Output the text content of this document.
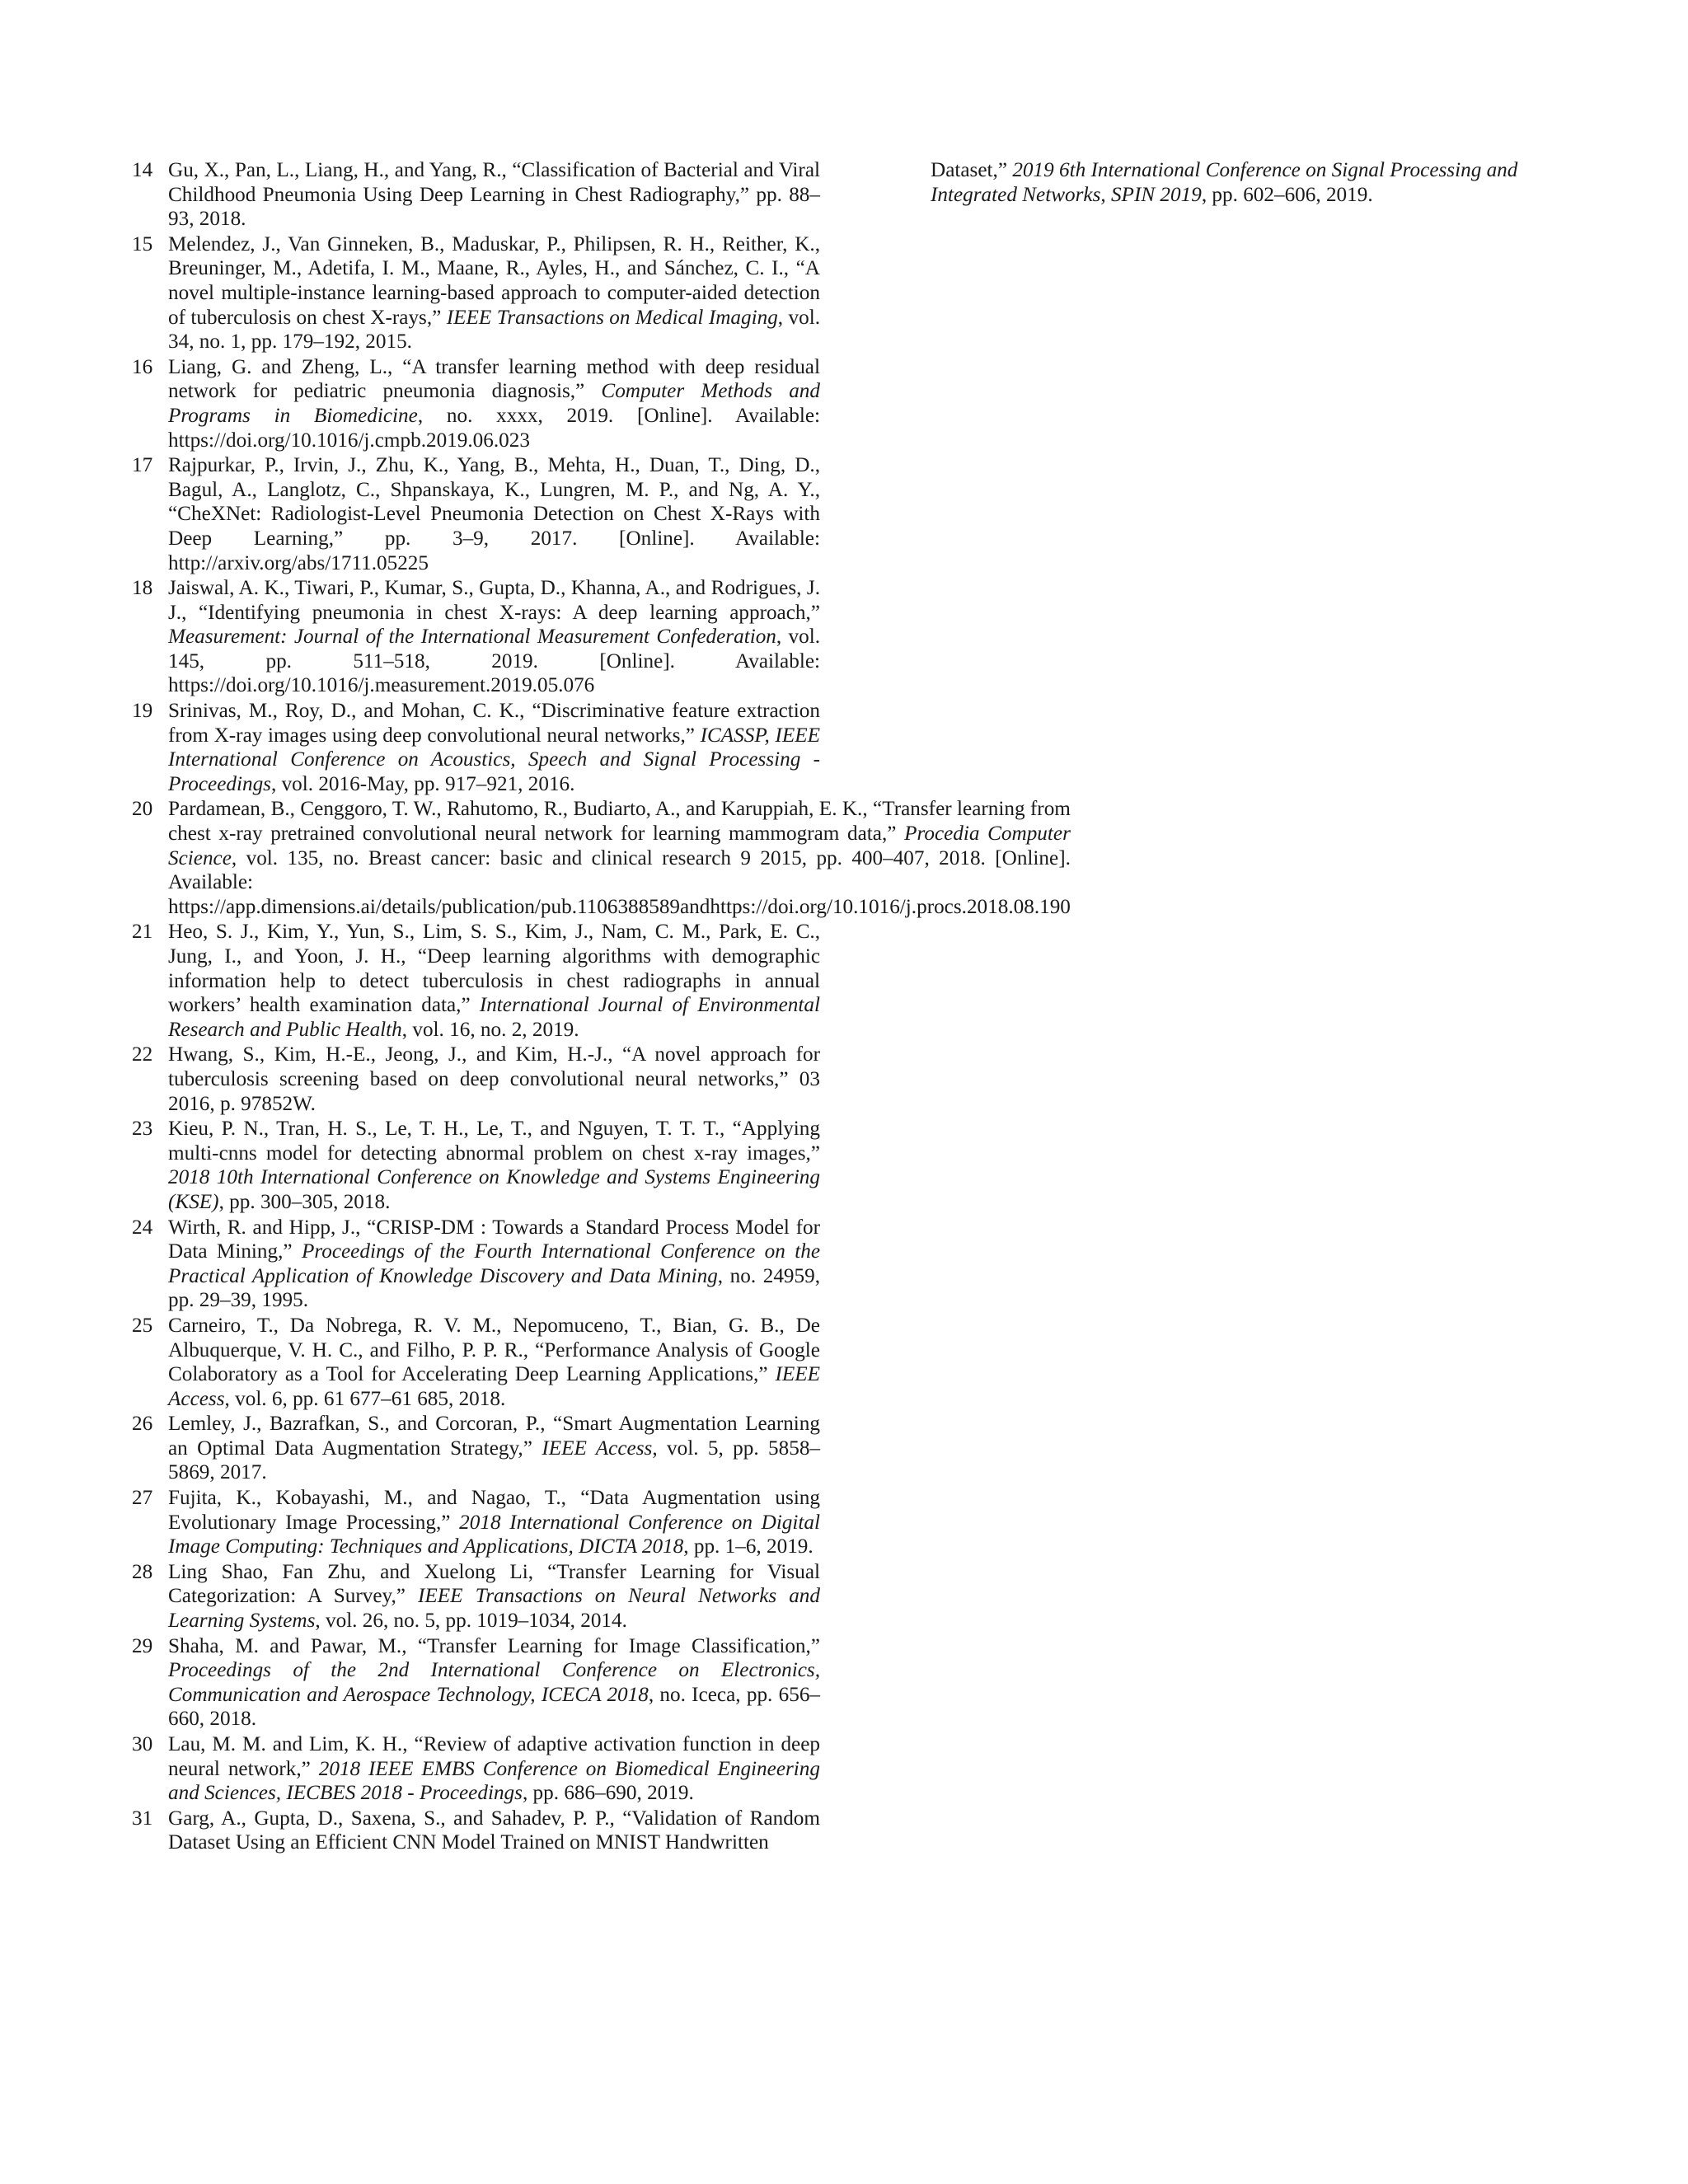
14 Gu, X., Pan, L., Liang, H., and Yang, R., “Classification of Bacterial and Viral Childhood Pneumonia Using Deep Learning in Chest Radiography,” pp. 88–93, 2018.
15 Melendez, J., Van Ginneken, B., Maduskar, P., Philipsen, R. H., Reither, K., Breuninger, M., Adetifa, I. M., Maane, R., Ayles, H., and Sánchez, C. I., “A novel multiple-instance learning-based approach to computer-aided detection of tuberculosis on chest X-rays,” IEEE Transactions on Medical Imaging, vol. 34, no. 1, pp. 179–192, 2015.
16 Liang, G. and Zheng, L., “A transfer learning method with deep residual network for pediatric pneumonia diagnosis,” Computer Methods and Programs in Biomedicine, no. xxxx, 2019. [Online]. Available: https://doi.org/10.1016/j.cmpb.2019.06.023
17 Rajpurkar, P., Irvin, J., Zhu, K., Yang, B., Mehta, H., Duan, T., Ding, D., Bagul, A., Langlotz, C., Shpanskaya, K., Lungren, M. P., and Ng, A. Y., “CheXNet: Radiologist-Level Pneumonia Detection on Chest X-Rays with Deep Learning,” pp. 3–9, 2017. [Online]. Available: http://arxiv.org/abs/1711.05225
18 Jaiswal, A. K., Tiwari, P., Kumar, S., Gupta, D., Khanna, A., and Rodrigues, J. J., “Identifying pneumonia in chest X-rays: A deep learning approach,” Measurement: Journal of the International Measurement Confederation, vol. 145, pp. 511–518, 2019. [Online]. Available: https://doi.org/10.1016/j.measurement.2019.05.076
19 Srinivas, M., Roy, D., and Mohan, C. K., “Discriminative feature extraction from X-ray images using deep convolutional neural networks,” ICASSP, IEEE International Conference on Acoustics, Speech and Signal Processing - Proceedings, vol. 2016-May, pp. 917–921, 2016.
20 Pardamean, B., Cenggoro, T. W., Rahutomo, R., Budiarto, A., and Karuppiah, E. K., “Transfer learning from chest x-ray pretrained convolutional neural network for learning mammogram data,” Procedia Computer Science, vol. 135, no. Breast cancer: basic and clinical research 9 2015, pp. 400–407, 2018. [Online]. Available: https://app.dimensions.ai/details/publication/pub.1106388589andhttps://doi.org/10.1016/j.procs.2018.08.190
21 Heo, S. J., Kim, Y., Yun, S., Lim, S. S., Kim, J., Nam, C. M., Park, E. C., Jung, I., and Yoon, J. H., “Deep learning algorithms with demographic information help to detect tuberculosis in chest radiographs in annual workers’ health examination data,” International Journal of Environmental Research and Public Health, vol. 16, no. 2, 2019.
22 Hwang, S., Kim, H.-E., Jeong, J., and Kim, H.-J., “A novel approach for tuberculosis screening based on deep convolutional neural networks,” 03 2016, p. 97852W.
23 Kieu, P. N., Tran, H. S., Le, T. H., Le, T., and Nguyen, T. T. T., “Applying multi-cnns model for detecting abnormal problem on chest x-ray images,” 2018 10th International Conference on Knowledge and Systems Engineering (KSE), pp. 300–305, 2018.
24 Wirth, R. and Hipp, J., “CRISP-DM : Towards a Standard Process Model for Data Mining,” Proceedings of the Fourth International Conference on the Practical Application of Knowledge Discovery and Data Mining, no. 24959, pp. 29–39, 1995.
25 Carneiro, T., Da Nobrega, R. V. M., Nepomuceno, T., Bian, G. B., De Albuquerque, V. H. C., and Filho, P. P. R., “Performance Analysis of Google Colaboratory as a Tool for Accelerating Deep Learning Applications,” IEEE Access, vol. 6, pp. 61 677–61 685, 2018.
26 Lemley, J., Bazrafkan, S., and Corcoran, P., “Smart Augmentation Learning an Optimal Data Augmentation Strategy,” IEEE Access, vol. 5, pp. 5858–5869, 2017.
27 Fujita, K., Kobayashi, M., and Nagao, T., “Data Augmentation using Evolutionary Image Processing,” 2018 International Conference on Digital Image Computing: Techniques and Applications, DICTA 2018, pp. 1–6, 2019.
28 Ling Shao, Fan Zhu, and Xuelong Li, “Transfer Learning for Visual Categorization: A Survey,” IEEE Transactions on Neural Networks and Learning Systems, vol. 26, no. 5, pp. 1019–1034, 2014.
29 Shaha, M. and Pawar, M., “Transfer Learning for Image Classification,” Proceedings of the 2nd International Conference on Electronics, Communication and Aerospace Technology, ICECA 2018, no. Iceca, pp. 656–660, 2018.
30 Lau, M. M. and Lim, K. H., “Review of adaptive activation function in deep neural network,” 2018 IEEE EMBS Conference on Biomedical Engineering and Sciences, IECBES 2018 - Proceedings, pp. 686–690, 2019.
31 Garg, A., Gupta, D., Saxena, S., and Sahadev, P. P., “Validation of Random Dataset Using an Efficient CNN Model Trained on MNIST Handwritten
Dataset,” 2019 6th International Conference on Signal Processing and Integrated Networks, SPIN 2019, pp. 602–606, 2019.
